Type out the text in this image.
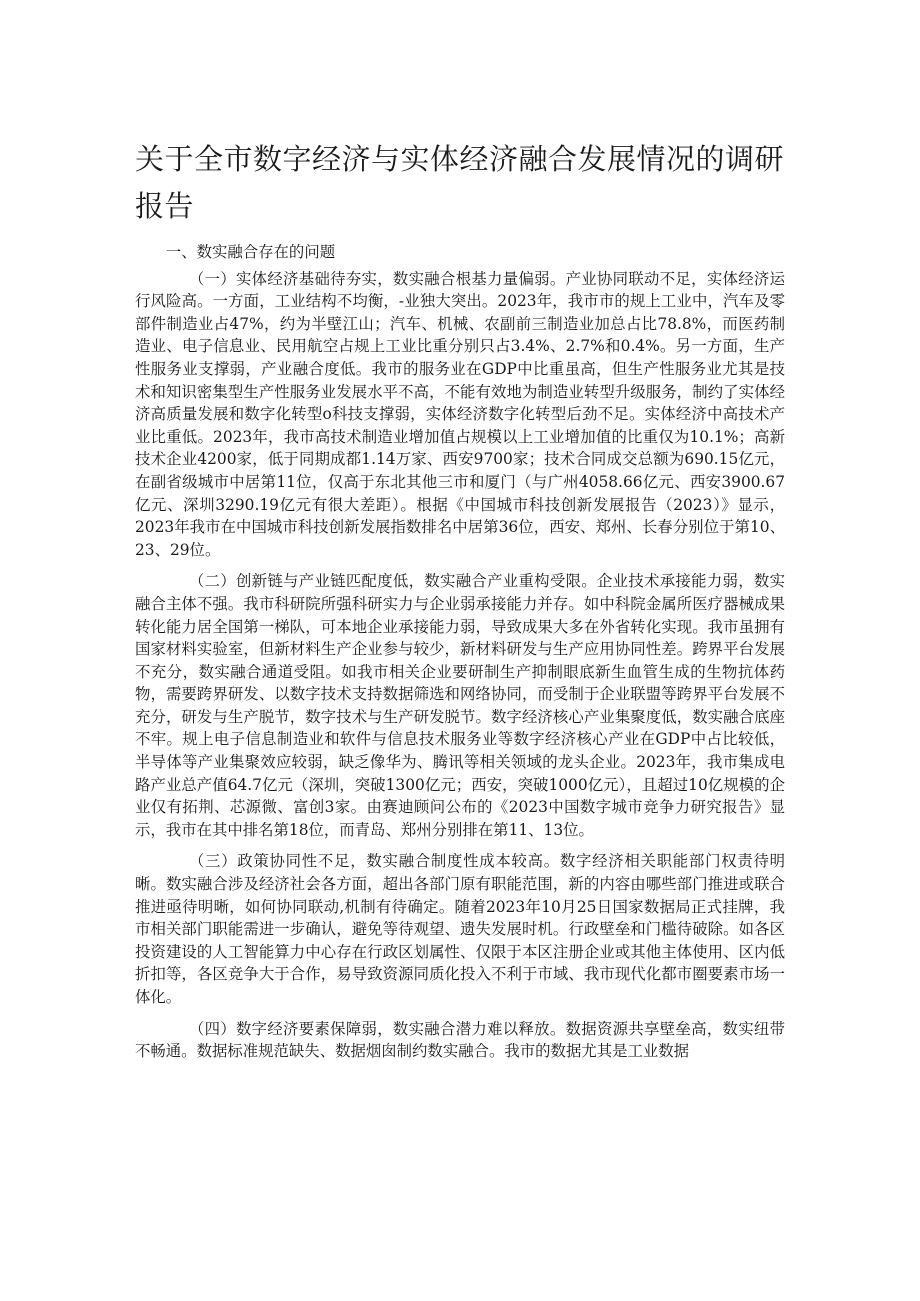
关于全市数字经济与实体经济融合发展情况的调研报告

一、数实融合存在的问题

（一）实体经济基础待夯实，数实融合根基力量偏弱。产业协同联动不足，实体经济运行风险高。一方面，工业结构不均衡，-业独大突出。2023年，我市市的规上工业中，汽车及零部件制造业占47%，约为半壁江山；汽车、机械、农副前三制造业加总占比78.8%，而医药制造业、电子信息业、民用航空占规上工业比重分别只占3.4%、2.7%和0.4%。另一方面，生产性服务业支撑弱，产业融合度低。我市的服务业在GDP中比重虽高，但生产性服务业尤其是技术和知识密集型生产性服务业发展水平不高，不能有效地为制造业转型升级服务，制约了实体经济高质量发展和数字化转型o科技支撑弱，实体经济数字化转型后劲不足。实体经济中高技术产业比重低。2023年，我市高技术制造业增加值占规模以上工业增加值的比重仅为10.1%；高新技术企业4200家，低于同期成都1.14万家、西安9700家；技术合同成交总额为690.15亿元，在副省级城市中居第11位，仅高于东北其他三市和厦门（与广州4058.66亿元、西安3900.67亿元、深圳3290.19亿元有很大差距）。根据《中国城市科技创新发展报告（2023）》显示，2023年我市在中国城市科技创新发展指数排名中居第36位，西安、郑州、长春分别位于第10、23、29位。

（二）创新链与产业链匹配度低，数实融合产业重构受限。企业技术承接能力弱，数实融合主体不强。我市科研院所强科研实力与企业弱承接能力并存。如中科院金属所医疗器械成果转化能力居全国第一梯队，可本地企业承接能力弱，导致成果大多在外省转化实现。我市虽拥有国家材料实验室，但新材料生产企业参与较少，新材料研发与生产应用协同性差。跨界平台发展不充分，数实融合通道受阻。如我市相关企业要研制生产抑制眼底新生血管生成的生物抗体药物，需要跨界研发、以数字技术支持数据筛选和网络协同，而受制于企业联盟等跨界平台发展不充分，研发与生产脱节，数字技术与生产研发脱节。数字经济核心产业集聚度低，数实融合底座不牢。规上电子信息制造业和软件与信息技术服务业等数字经济核心产业在GDP中占比较低，半导体等产业集聚效应较弱，缺乏像华为、腾讯等相关领域的龙头企业。2023年，我市集成电路产业总产值64.7亿元（深圳，突破1300亿元；西安，突破1000亿元），且超过10亿规模的企业仅有拓荆、芯源微、富创3家。由赛迪顾问公布的《2023中国数字城市竞争力研究报告》显示，我市在其中排名第18位，而青岛、郑州分别排在第11、13位。

（三）政策协同性不足，数实融合制度性成本较高。数字经济相关职能部门权责待明晰。数实融合涉及经济社会各方面，超出各部门原有职能范围，新的内容由哪些部门推进或联合推进亟待明晰，如何协同联动,机制有待确定。随着2023年10月25日国家数据局正式挂牌，我市相关部门职能需进一步确认，避免等待观望、遗失发展时机。行政壁垒和门槛待破除。如各区投资建设的人工智能算力中心存在行政区划属性、仅限于本区注册企业或其他主体使用、区内低折扣等，各区竞争大于合作，易导致资源同质化投入不利于市域、我市现代化都市圈要素市场一体化。

（四）数字经济要素保障弱，数实融合潜力难以释放。数据资源共享壁垒高，数实纽带不畅通。数据标准规范缺失、数据烟囱制约数实融合。我市的数据尤其是工业数据
